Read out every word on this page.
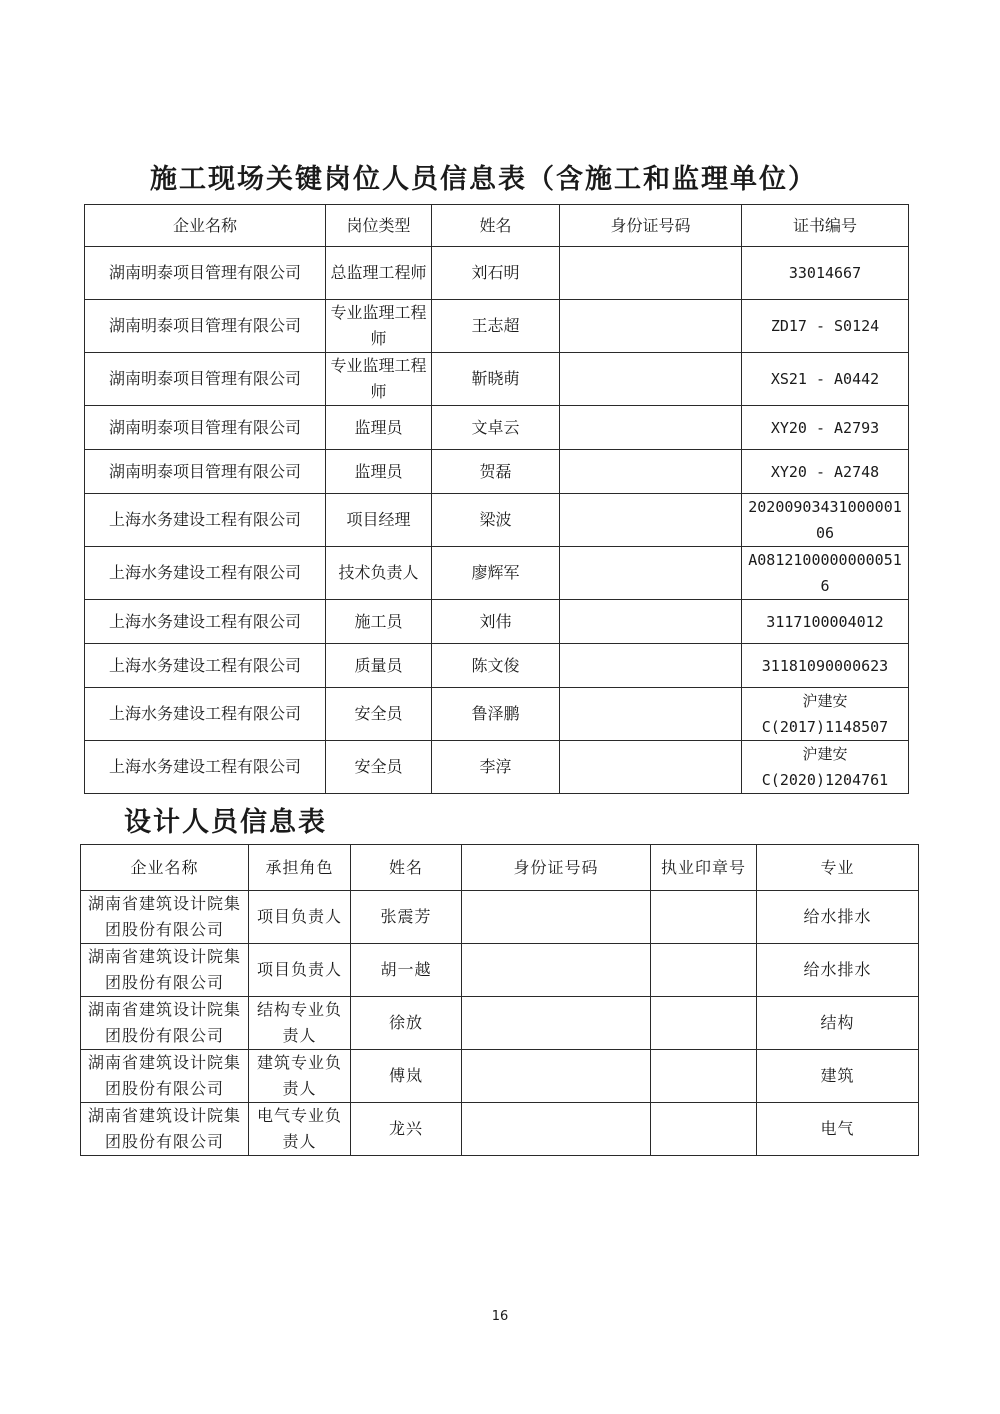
施工现场关键岗位人员信息表（含施工和监理单位）
企业名称	岗位类型	姓名	身份证号码	证书编号
湖南明泰项目管理有限公司	总监理工程师	刘石明		33014667
湖南明泰项目管理有限公司	专业监理工程师	王志超		ZD17 - S0124
湖南明泰项目管理有限公司	专业监理工程师	靳晓萌		XS21 - A0442
湖南明泰项目管理有限公司	监理员	文卓云		XY20 - A2793
湖南明泰项目管理有限公司	监理员	贺磊		XY20 - A2748
上海水务建设工程有限公司	项目经理	梁波		2020090343100000106
上海水务建设工程有限公司	技术负责人	廖辉军		A08121000000000516
上海水务建设工程有限公司	施工员	刘伟		3117100004012
上海水务建设工程有限公司	质量员	陈文俊		31181090000623
上海水务建设工程有限公司	安全员	鲁泽鹏		沪建安C(2017)1148507
上海水务建设工程有限公司	安全员	李淳		沪建安C(2020)1204761
设计人员信息表
企业名称	承担角色	姓名	身份证号码	执业印章号	专业
湖南省建筑设计院集团股份有限公司	项目负责人	张震芳			给水排水
湖南省建筑设计院集团股份有限公司	项目负责人	胡一越			给水排水
湖南省建筑设计院集团股份有限公司	结构专业负责人	徐放			结构
湖南省建筑设计院集团股份有限公司	建筑专业负责人	傅岚			建筑
湖南省建筑设计院集团股份有限公司	电气专业负责人	龙兴			电气
16
